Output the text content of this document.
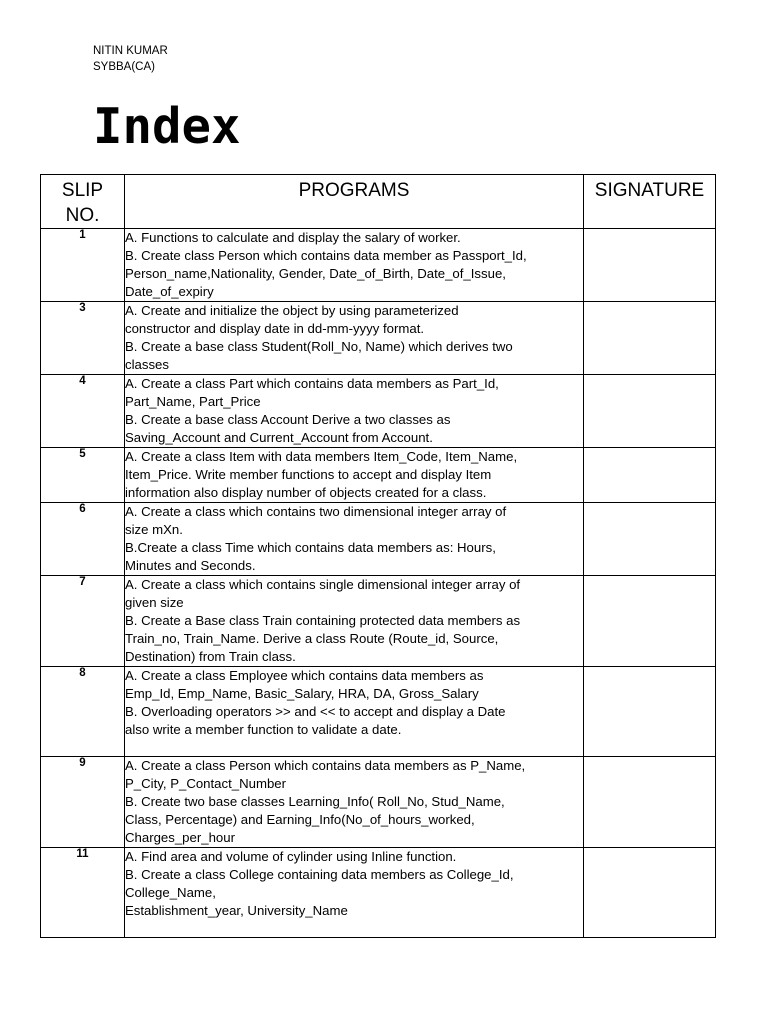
NITIN KUMAR
SYBBA(CA)
Index
SLIP
NO.	PROGRAMS	SIGNATURE
1	A. Functions to calculate and display the salary of worker.
B. Create class Person which contains data member as Passport_Id,
Person_name,Nationality, Gender, Date_of_Birth, Date_of_Issue,
Date_of_expiry	

3	A. Create and initialize the object by using parameterized
constructor and display date in dd-mm-yyyy format.
B. Create a base class Student(Roll_No, Name) which derives two
classes	

4	A. Create a class Part which contains data members as Part_Id,
Part_Name, Part_Price
B. Create a base class Account Derive a two classes as
Saving_Account and Current_Account from Account.	

5	A. Create a class Item with data members Item_Code, Item_Name,
Item_Price. Write member functions to accept and display Item
information also display number of objects created for a class.	

6	A. Create a class which contains two dimensional integer array of
size mXn.
B.Create a class Time which contains data members as: Hours,
Minutes and Seconds.	

7	A. Create a class which contains single dimensional integer array of
given size
B. Create a Base class Train containing protected data members as
Train_no, Train_Name. Derive a class Route (Route_id, Source,
Destination) from Train class.	

8	A. Create a class Employee which contains data members as
Emp_Id, Emp_Name, Basic_Salary, HRA, DA, Gross_Salary
B. Overloading operators >> and << to accept and display a Date
also write a member function to validate a date.	

9	A. Create a class Person which contains data members as P_Name,
P_City, P_Contact_Number
B. Create two base classes Learning_Info( Roll_No, Stud_Name,
Class, Percentage) and Earning_Info(No_of_hours_worked,
Charges_per_hour	

11	A. Find area and volume of cylinder using Inline function.
B. Create a class College containing data members as College_Id,
College_Name,
Establishment_year, University_Name	
